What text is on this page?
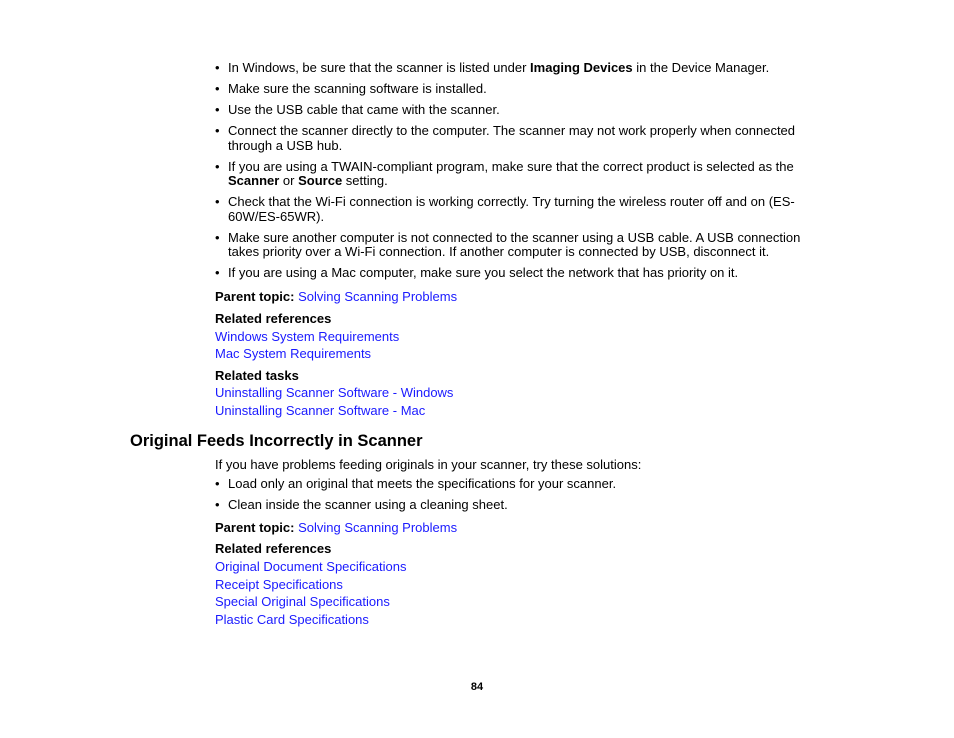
• In Windows, be sure that the scanner is listed under Imaging Devices in the Device Manager.
• Make sure the scanning software is installed.
• Use the USB cable that came with the scanner.
• Connect the scanner directly to the computer. The scanner may not work properly when connected through a USB hub.
• If you are using a TWAIN-compliant program, make sure that the correct product is selected as the Scanner or Source setting.
• Check that the Wi-Fi connection is working correctly. Try turning the wireless router off and on (ES-60W/ES-65WR).
• Make sure another computer is not connected to the scanner using a USB cable. A USB connection takes priority over a Wi-Fi connection. If another computer is connected by USB, disconnect it.
• If you are using a Mac computer, make sure you select the network that has priority on it.
Parent topic: Solving Scanning Problems
Related references
Windows System Requirements
Mac System Requirements
Related tasks
Uninstalling Scanner Software - Windows
Uninstalling Scanner Software - Mac
Original Feeds Incorrectly in Scanner
If you have problems feeding originals in your scanner, try these solutions:
• Load only an original that meets the specifications for your scanner.
• Clean inside the scanner using a cleaning sheet.
Parent topic: Solving Scanning Problems
Related references
Original Document Specifications
Receipt Specifications
Special Original Specifications
Plastic Card Specifications
84
